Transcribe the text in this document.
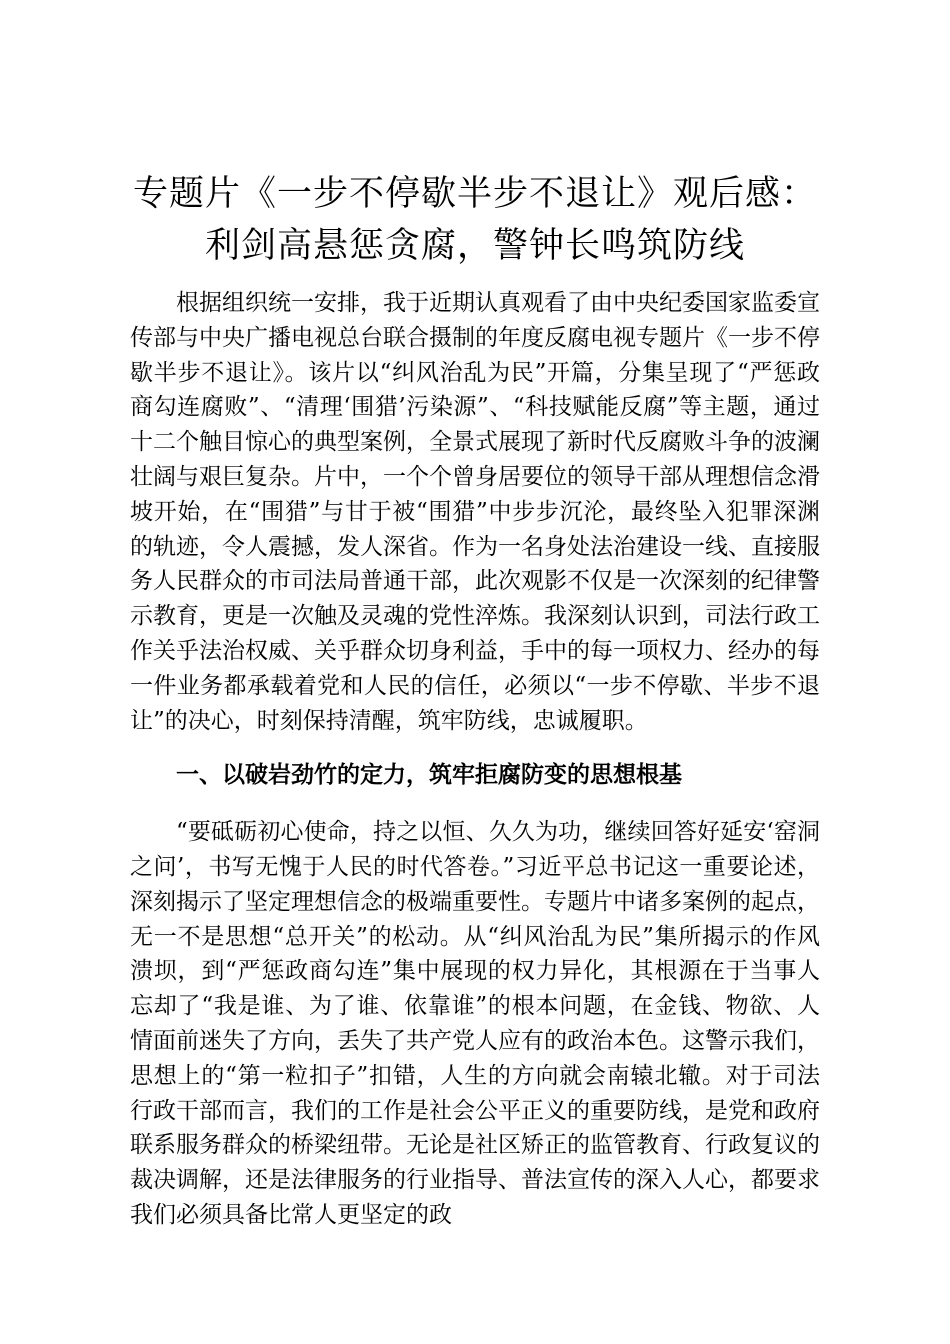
专题片《一步不停歇半步不退让》观后感：利剑高悬惩贪腐，警钟长鸣筑防线

根据组织统一安排，我于近期认真观看了由中央纪委国家监委宣传部与中央广播电视总台联合摄制的年度反腐电视专题片《一步不停歇半步不退让》。该片以“纠风治乱为民”开篇，分集呈现了“严惩政商勾连腐败”、“清理‘围猎’污染源”、“科技赋能反腐”等主题，通过十二个触目惊心的典型案例，全景式展现了新时代反腐败斗争的波澜壮阔与艰巨复杂。片中，一个个曾身居要位的领导干部从理想信念滑坡开始，在“围猎”与甘于被“围猎”中步步沉沦，最终坠入犯罪深渊的轨迹，令人震撼，发人深省。作为一名身处法治建设一线、直接服务人民群众的市司法局普通干部，此次观影不仅是一次深刻的纪律警示教育，更是一次触及灵魂的党性淬炼。我深刻认识到，司法行政工作关乎法治权威、关乎群众切身利益，手中的每一项权力、经办的每一件业务都承载着党和人民的信任，必须以“一步不停歇、半步不退让”的决心，时刻保持清醒，筑牢防线，忠诚履职。

一、以破岩劲竹的定力，筑牢拒腐防变的思想根基

“要砥砺初心使命，持之以恒、久久为功，继续回答好延安‘窑洞之问’，书写无愧于人民的时代答卷。”习近平总书记这一重要论述，深刻揭示了坚定理想信念的极端重要性。专题片中诸多案例的起点，无一不是思想“总开关”的松动。从“纠风治乱为民”集所揭示的作风溃坝，到“严惩政商勾连”集中展现的权力异化，其根源在于当事人忘却了“我是谁、为了谁、依靠谁”的根本问题，在金钱、物欲、人情面前迷失了方向，丢失了共产党人应有的政治本色。这警示我们，思想上的“第一粒扣子”扣错，人生的方向就会南辕北辙。对于司法行政干部而言，我们的工作是社会公平正义的重要防线，是党和政府联系服务群众的桥梁纽带。无论是社区矫正的监管教育、行政复议的裁决调解，还是法律服务的行业指导、普法宣传的深入人心，都要求我们必须具备比常人更坚定的政
